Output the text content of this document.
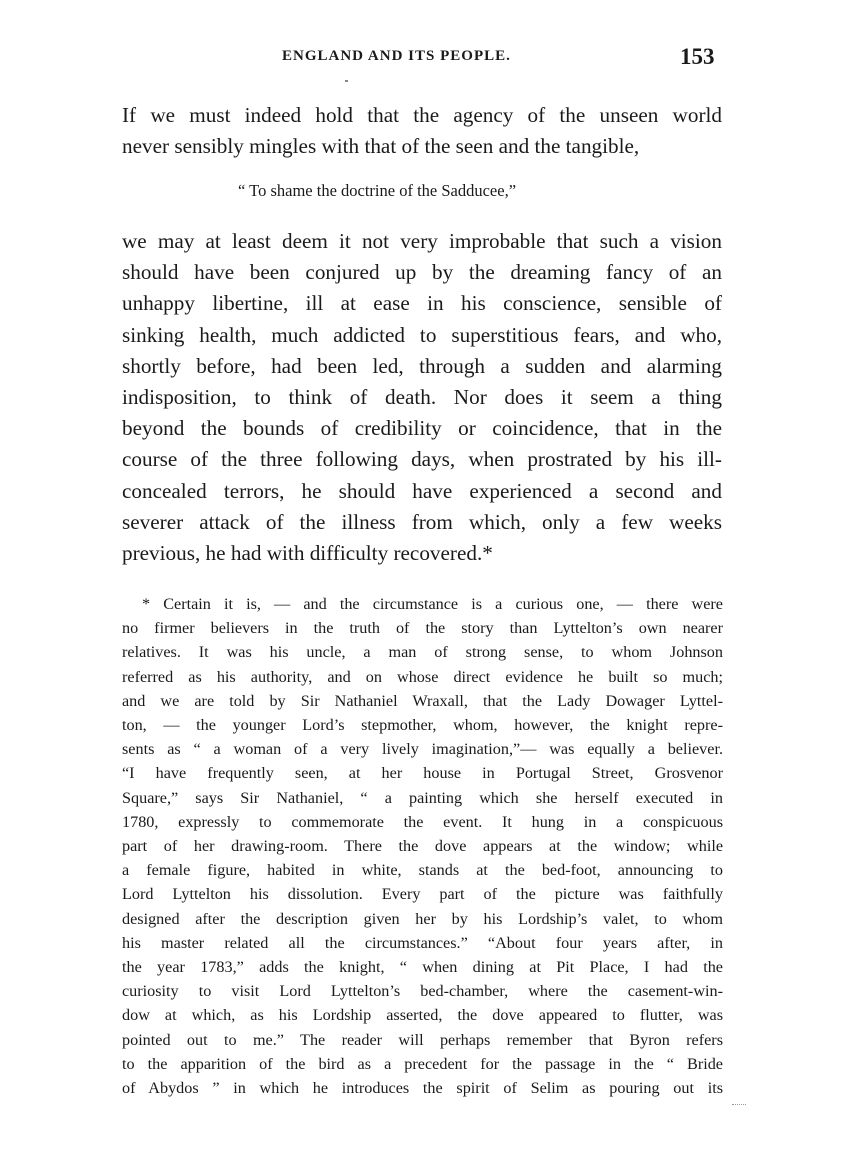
ENGLAND AND ITS PEOPLE.	153
If we must indeed hold that the agency of the unseen world
never sensibly mingles with that of the seen and the tangible,
“ To shame the doctrine of the Sadducee,”
we may at least deem it not very improbable that such a vision
should have been conjured up by the dreaming fancy of an
unhappy libertine, ill at ease in his conscience, sensible of
sinking health, much addicted to superstitious fears, and who,
shortly before, had been led, through a sudden and alarming
indisposition, to think of death. Nor does it seem a thing
beyond the bounds of credibility or coincidence, that in the
course of the three following days, when prostrated by his ill-
concealed terrors, he should have experienced a second and
severer attack of the illness from which, only a few weeks
previous, he had with difficulty recovered.*
* Certain it is, — and the circumstance is a curious one, — there were
no firmer believers in the truth of the story than Lyttelton’s own nearer
relatives. It was his uncle, a man of strong sense, to whom Johnson
referred as his authority, and on whose direct evidence he built so much;
and we are told by Sir Nathaniel Wraxall, that the Lady Dowager Lyttel-
ton, — the younger Lord’s stepmother, whom, however, the knight repre-
sents as “ a woman of a very lively imagination,”— was equally a believer.
“I have frequently seen, at her house in Portugal Street, Grosvenor
Square,” says Sir Nathaniel, “ a painting which she herself executed in
1780, expressly to commemorate the event. It hung in a conspicuous
part of her drawing-room. There the dove appears at the window; while
a female figure, habited in white, stands at the bed-foot, announcing to
Lord Lyttelton his dissolution. Every part of the picture was faithfully
designed after the description given her by his Lordship’s valet, to whom
his master related all the circumstances.” “About four years after, in
the year 1783,” adds the knight, “ when dining at Pit Place, I had the
curiosity to visit Lord Lyttelton’s bed-chamber, where the casement-win-
dow at which, as his Lordship asserted, the dove appeared to flutter, was
pointed out to me.” The reader will perhaps remember that Byron refers
to the apparition of the bird as a precedent for the passage in the “ Bride
of Abydos ” in which he introduces the spirit of Selim as pouring out its
